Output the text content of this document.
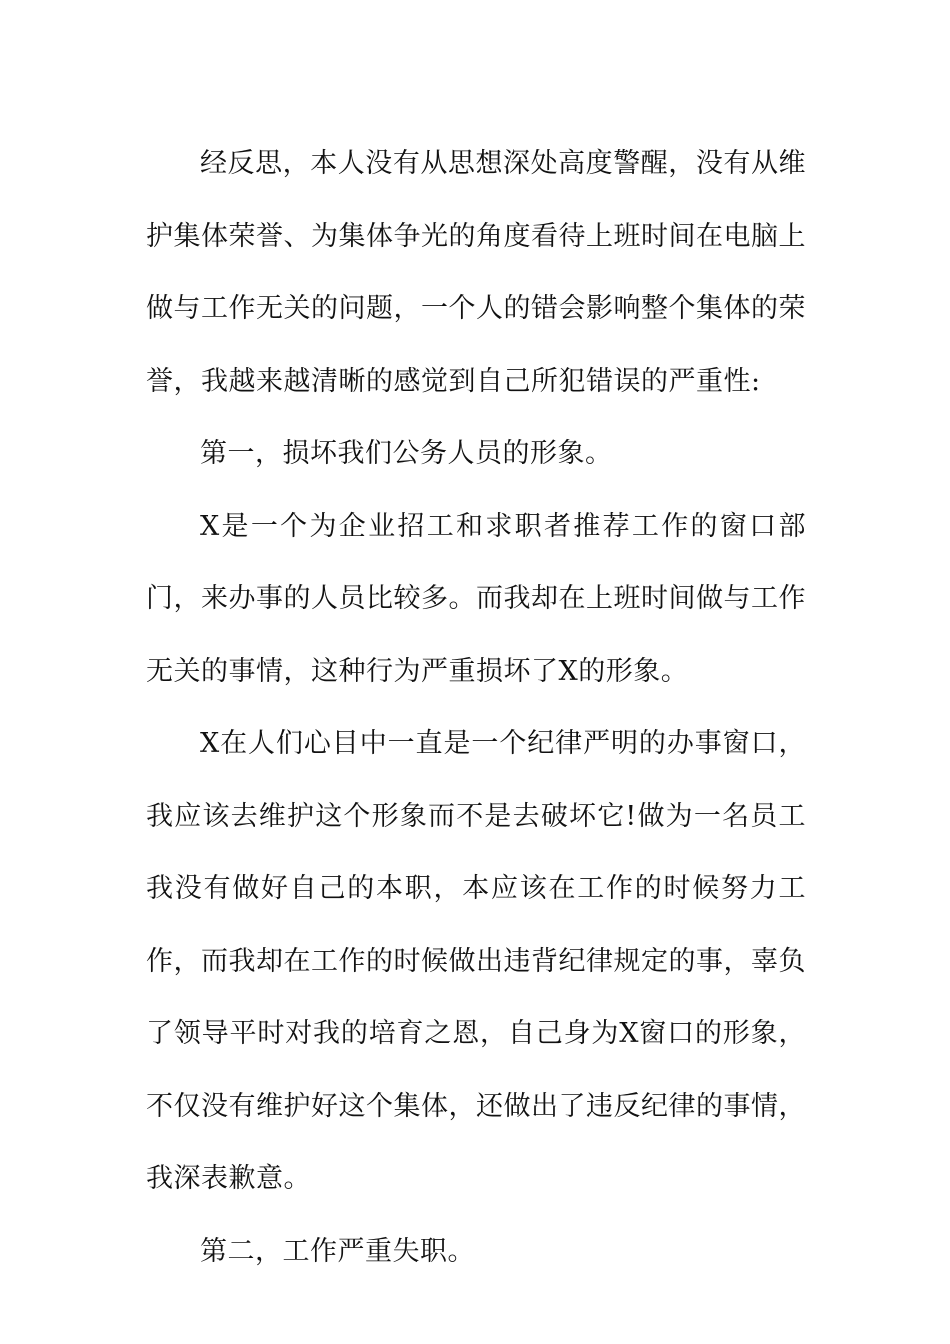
经反思，本人没有从思想深处高度警醒，没有从维护集体荣誉、为集体争光的角度看待上班时间在电脑上做与工作无关的问题，一个人的错会影响整个集体的荣誉，我越来越清晰的感觉到自己所犯错误的严重性:

第一，损坏我们公务人员的形象。

X是一个为企业招工和求职者推荐工作的窗口部门，来办事的人员比较多。而我却在上班时间做与工作无关的事情，这种行为严重损坏了X的形象。

X在人们心目中一直是一个纪律严明的办事窗口，我应该去维护这个形象而不是去破坏它!做为一名员工我没有做好自己的本职，本应该在工作的时候努力工作，而我却在工作的时候做出违背纪律规定的事，辜负了领导平时对我的培育之恩，自己身为X窗口的形象，不仅没有维护好这个集体，还做出了违反纪律的事情，我深表歉意。

第二，工作严重失职。
